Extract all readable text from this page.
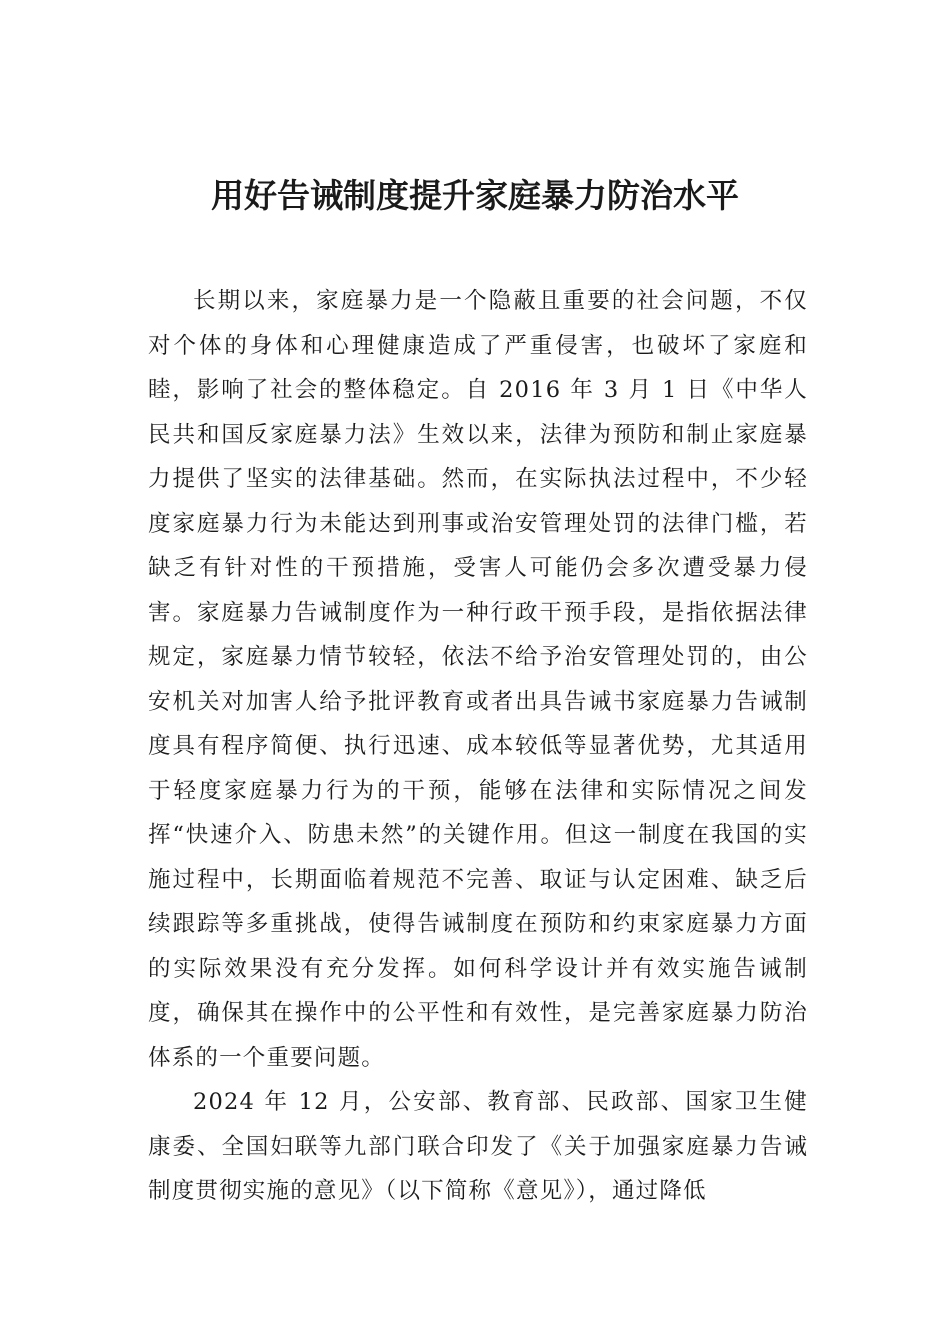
用好告诫制度提升家庭暴力防治水平

长期以来，家庭暴力是一个隐蔽且重要的社会问题，不仅对个体的身体和心理健康造成了严重侵害，也破坏了家庭和睦，影响了社会的整体稳定。自 2016 年 3 月 1 日《中华人民共和国反家庭暴力法》生效以来，法律为预防和制止家庭暴力提供了坚实的法律基础。然而，在实际执法过程中，不少轻度家庭暴力行为未能达到刑事或治安管理处罚的法律门槛，若缺乏有针对性的干预措施，受害人可能仍会多次遭受暴力侵害。家庭暴力告诫制度作为一种行政干预手段，是指依据法律规定，家庭暴力情节较轻，依法不给予治安管理处罚的，由公安机关对加害人给予批评教育或者出具告诫书家庭暴力告诫制度具有程序简便、执行迅速、成本较低等显著优势，尤其适用于轻度家庭暴力行为的干预，能够在法律和实际情况之间发挥“快速介入、防患未然”的关键作用。但这一制度在我国的实施过程中，长期面临着规范不完善、取证与认定困难、缺乏后续跟踪等多重挑战，使得告诫制度在预防和约束家庭暴力方面的实际效果没有充分发挥。如何科学设计并有效实施告诫制度，确保其在操作中的公平性和有效性，是完善家庭暴力防治体系的一个重要问题。

2024 年 12 月，公安部、教育部、民政部、国家卫生健康委、全国妇联等九部门联合印发了《关于加强家庭暴力告诫制度贯彻实施的意见》（以下简称《意见》），通过降低
